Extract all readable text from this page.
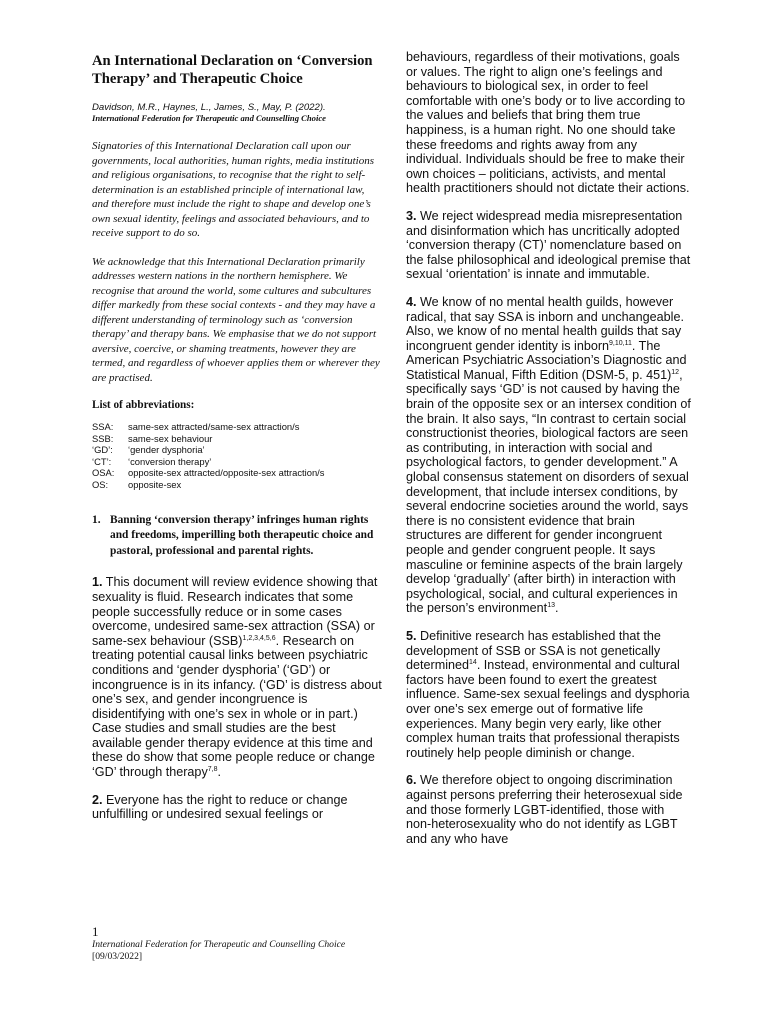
An International Declaration on ‘Conversion Therapy’ and Therapeutic Choice

Davidson, M.R., Haynes, L., James, S., May, P. (2022).

International Federation for Therapeutic and Counselling Choice

Signatories of this International Declaration call upon our governments, local authorities, human rights, media institutions and religious organisations, to recognise that the right to self-determination is an established principle of international law, and therefore must include the right to shape and develop one’s own sexual identity, feelings and associated behaviours, and to receive support to do so.

We acknowledge that this International Declaration primarily addresses western nations in the northern hemisphere. We recognise that around the world, some cultures and subcultures differ markedly from these social contexts - and they may have a different understanding of terminology such as ‘conversion therapy’ and therapy bans. We emphasise that we do not support aversive, coercive, or shaming treatments, however they are termed, and regardless of whoever applies them or wherever they are practised.

List of abbreviations:
SSA:	same-sex attracted/same-sex attraction/s
SSB:	same-sex behaviour
‘GD’:	‘gender dysphoria’
‘CT’:	‘conversion therapy’
OSA:	opposite-sex attracted/opposite-sex attraction/s
OS:	opposite-sex
1. Banning ‘conversion therapy’ infringes human rights and freedoms, imperilling both therapeutic choice and pastoral, professional and parental rights.

1. This document will review evidence showing that sexuality is fluid. Research indicates that some people successfully reduce or in some cases overcome, undesired same-sex attraction (SSA) or same-sex behaviour (SSB)$^{1,2,3,4,5,6}$. Research on treating potential causal links between psychiatric conditions and ‘gender dysphoria’ (‘GD’) or incongruence is in its infancy. (‘GD’ is distress about one’s sex, and gender incongruence is disidentifying with one’s sex in whole or in part.) Case studies and small studies are the best available gender therapy evidence at this time and these do show that some people reduce or change ‘GD’ through therapy$^{7,8}$.

2. Everyone has the right to reduce or change unfulfilling or undesired sexual feelings or

behaviours, regardless of their motivations, goals or values. The right to align one’s feelings and behaviours to biological sex, in order to feel comfortable with one’s body or to live according to the values and beliefs that bring them true happiness, is a human right. No one should take these freedoms and rights away from any individual. Individuals should be free to make their own choices – politicians, activists, and mental health practitioners should not dictate their actions.

3. We reject widespread media misrepresentation and disinformation which has uncritically adopted ‘conversion therapy (CT)’ nomenclature based on the false philosophical and ideological premise that sexual ‘orientation’ is innate and immutable.

4. We know of no mental health guilds, however radical, that say SSA is inborn and unchangeable. Also, we know of no mental health guilds that say incongruent gender identity is inborn$^{9,10,11}$. The American Psychiatric Association’s Diagnostic and Statistical Manual, Fifth Edition (DSM-5, p. 451)$^{12}$, specifically says ‘GD’ is not caused by having the brain of the opposite sex or an intersex condition of the brain. It also says, “In contrast to certain social constructionist theories, biological factors are seen as contributing, in interaction with social and psychological factors, to gender development.” A global consensus statement on disorders of sexual development, that include intersex conditions, by several endocrine societies around the world, says there is no consistent evidence that brain structures are different for gender incongruent people and gender congruent people. It says masculine or feminine aspects of the brain largely develop ‘gradually’ (after birth) in interaction with psychological, social, and cultural experiences in the person’s environment$^{13}$.

5. Definitive research has established that the development of SSB or SSA is not genetically determined$^{14}$. Instead, environmental and cultural factors have been found to exert the greatest influence. Same-sex sexual feelings and dysphoria over one’s sex emerge out of formative life experiences. Many begin very early, like other complex human traits that professional therapists routinely help people diminish or change.

6. We therefore object to ongoing discrimination against persons preferring their heterosexual side and those formerly LGBT-identified, those with non-heterosexuality who do not identify as LGBT and any who have

1
International Federation for Therapeutic and Counselling Choice
[09/03/2022]
